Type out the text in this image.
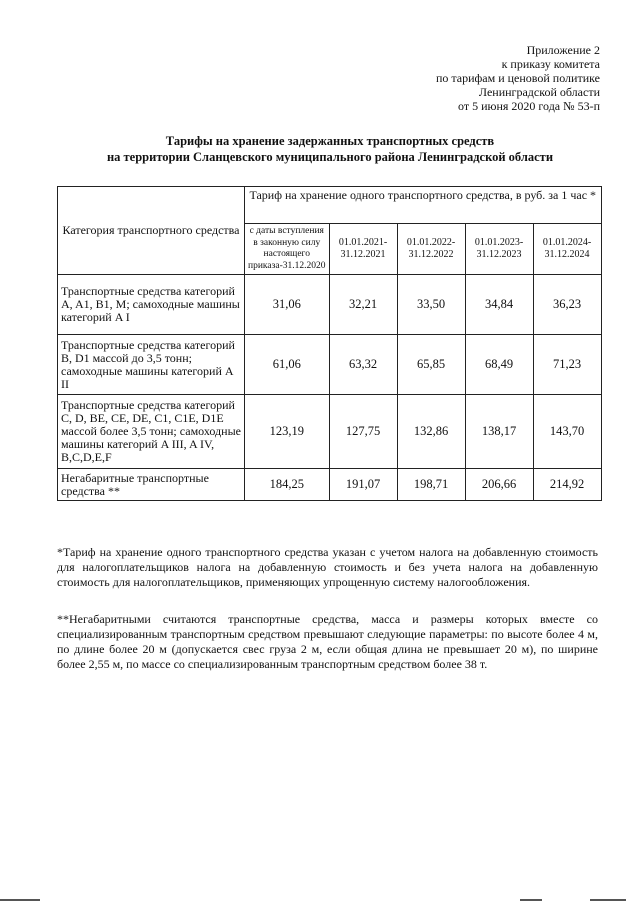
Приложение 2
к приказу комитета
по тарифам и ценовой политике
Ленинградской области
от 5 июня 2020 года № 53-п
Тарифы на хранение задержанных транспортных средств
на территории Сланцевского муниципального района Ленинградской области
Категория транспортного средства	Тариф на хранение одного транспортного средства, в руб. за 1 час *				
	с даты вступления в законную силу настоящего приказа-31.12.2020	01.01.2021-31.12.2021	01.01.2022-31.12.2022	01.01.2023-31.12.2023	01.01.2024-31.12.2024
Транспортные средства категорий A, A1, B1, M; самоходные машины категорий A I	31,06	32,21	33,50	34,84	36,23
Транспортные средства категорий B, D1 массой до 3,5 тонн; самоходные машины категорий A II	61,06	63,32	65,85	68,49	71,23
Транспортные средства категорий C, D, BE, CE, DE, C1, C1E, D1E массой более 3,5 тонн; самоходные машины категорий A III, A IV, B,C,D,E,F	123,19	127,75	132,86	138,17	143,70
Негабаритные транспортные средства **	184,25	191,07	198,71	206,66	214,92
*Тариф на хранение одного транспортного средства указан с учетом налога на добавленную стоимость для налогоплательщиков налога на добавленную стоимость и без учета налога на добавленную стоимость для налогоплательщиков, применяющих упрощенную систему налогообложения.
**Негабаритными считаются транспортные средства, масса и размеры которых вместе со специализированным транспортным средством превышают следующие параметры: по высоте более 4 м, по длине более 20 м (допускается свес груза 2 м, если общая длина не превышает 20 м), по ширине более 2,55 м, по массе со специализированным транспортным средством более 38 т.
